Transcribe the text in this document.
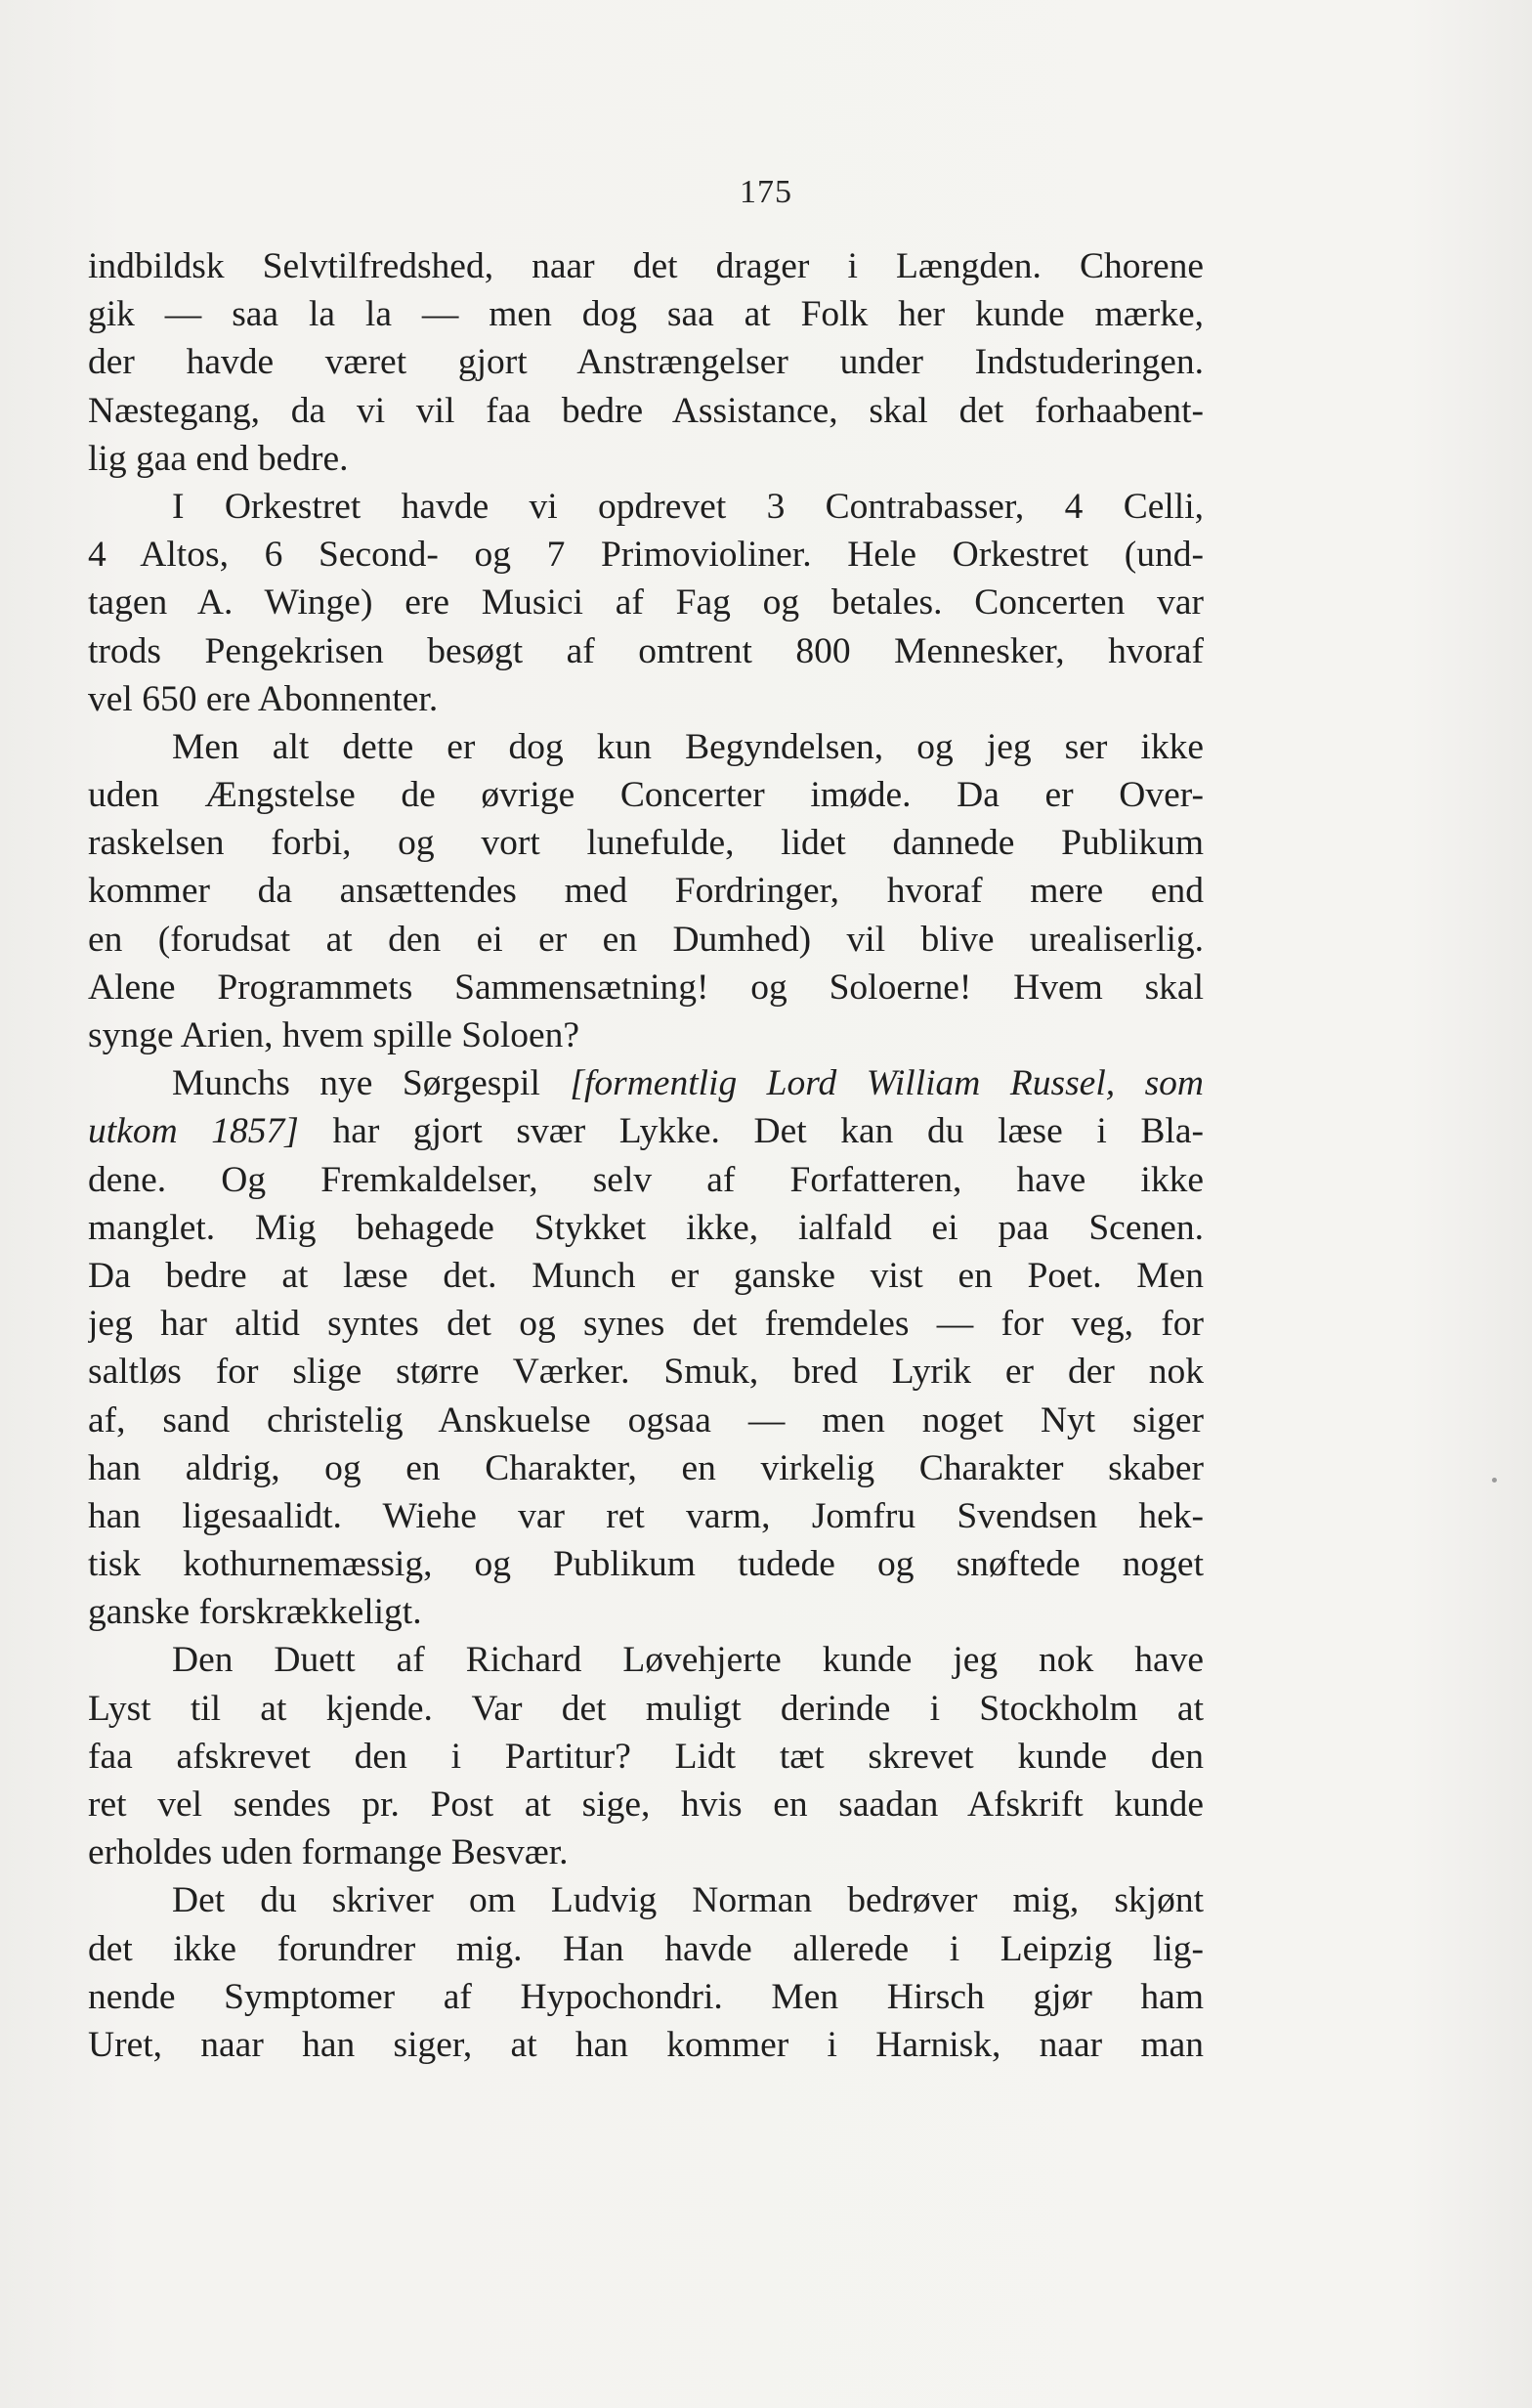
175
indbildsk Selvtilfredshed, naar det drager i Længden. Chorene
gik — saa la la — men dog saa at Folk her kunde mærke,
der havde været gjort Anstrængelser under Indstuderingen.
Næstegang, da vi vil faa bedre Assistance, skal det forhaabent-
lig gaa end bedre.
I Orkestret havde vi opdrevet 3 Contrabasser, 4 Celli,
4 Altos, 6 Second- og 7 Primovioliner. Hele Orkestret (und-
tagen A. Winge) ere Musici af Fag og betales. Concerten var
trods Pengekrisen besøgt af omtrent 800 Mennesker, hvoraf
vel 650 ere Abonnenter.
Men alt dette er dog kun Begyndelsen, og jeg ser ikke
uden Ængstelse de øvrige Concerter imøde. Da er Over-
raskelsen forbi, og vort lunefulde, lidet dannede Publikum
kommer da ansættendes med Fordringer, hvoraf mere end
en (forudsat at den ei er en Dumhed) vil blive urealiserlig.
Alene Programmets Sammensætning! og Soloerne! Hvem skal
synge Arien, hvem spille Soloen?
Munchs nye Sørgespil [formentlig Lord William Russel, som
utkom 1857] har gjort svær Lykke. Det kan du læse i Bla-
dene. Og Fremkaldelser, selv af Forfatteren, have ikke
manglet. Mig behagede Stykket ikke, ialfald ei paa Scenen.
Da bedre at læse det. Munch er ganske vist en Poet. Men
jeg har altid syntes det og synes det fremdeles — for veg, for
saltløs for slige større Værker. Smuk, bred Lyrik er der nok
af, sand christelig Anskuelse ogsaa — men noget Nyt siger
han aldrig, og en Charakter, en virkelig Charakter skaber
han ligesaalidt. Wiehe var ret varm, Jomfru Svendsen hek-
tisk kothurnemæssig, og Publikum tudede og snøftede noget
ganske forskrækkeligt.
Den Duett af Richard Løvehjerte kunde jeg nok have
Lyst til at kjende. Var det muligt derinde i Stockholm at
faa afskrevet den i Partitur? Lidt tæt skrevet kunde den
ret vel sendes pr. Post at sige, hvis en saadan Afskrift kunde
erholdes uden formange Besvær.
Det du skriver om Ludvig Norman bedrøver mig, skjønt
det ikke forundrer mig. Han havde allerede i Leipzig lig-
nende Symptomer af Hypochondri. Men Hirsch gjør ham
Uret, naar han siger, at han kommer i Harnisk, naar man
